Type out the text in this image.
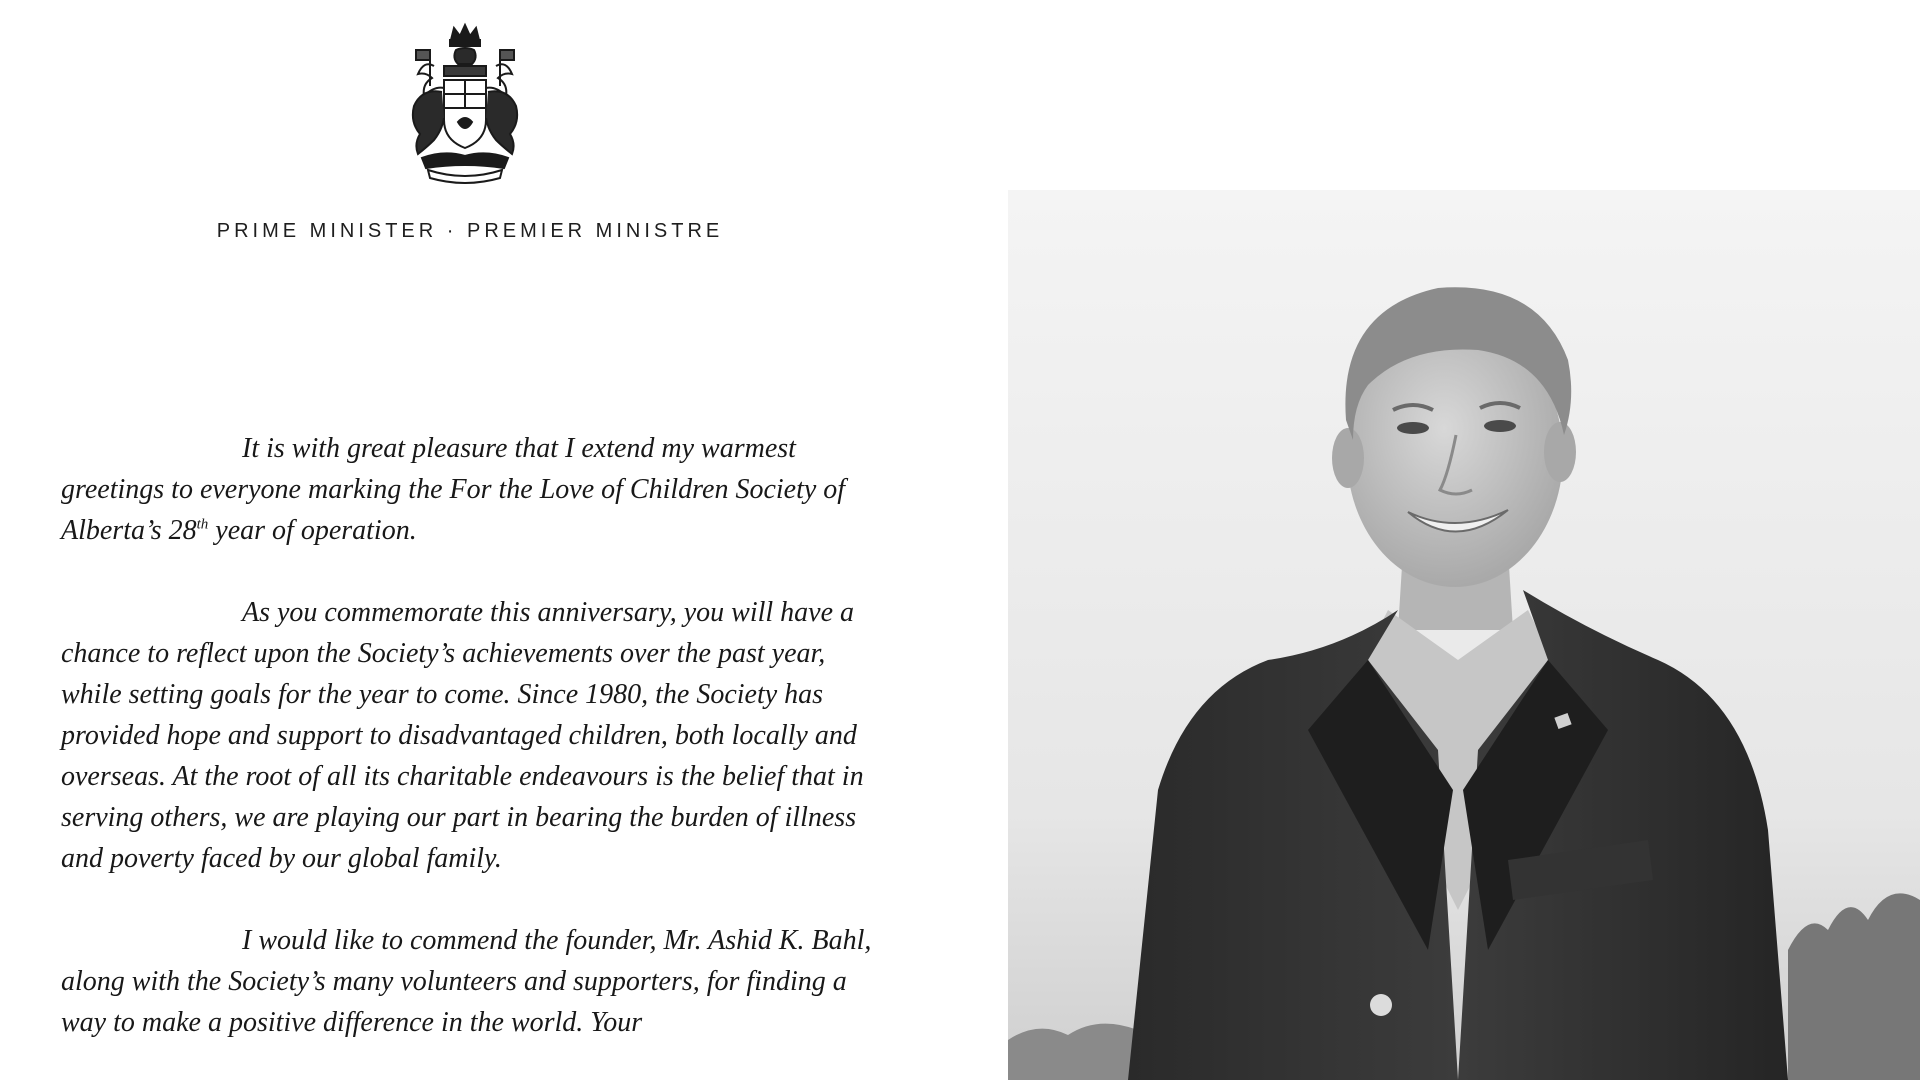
PRIME MINISTER · PREMIER MINISTRE

It is with great pleasure that I extend my warmest greetings to everyone marking the For the Love of Children Society of Alberta’s 28th year of operation.

As you commemorate this anniversary, you will have a chance to reflect upon the Society’s achievements over the past year, while setting goals for the year to come. Since 1980, the Society has provided hope and support to disadvantaged children, both locally and overseas. At the root of all its charitable endeavours is the belief that in serving others, we are playing our part in bearing the burden of illness and poverty faced by our global family.

I would like to commend the founder, Mr. Ashid K. Bahl, along with the Society’s many volunteers and supporters, for finding a way to make a positive difference in the world. Your
